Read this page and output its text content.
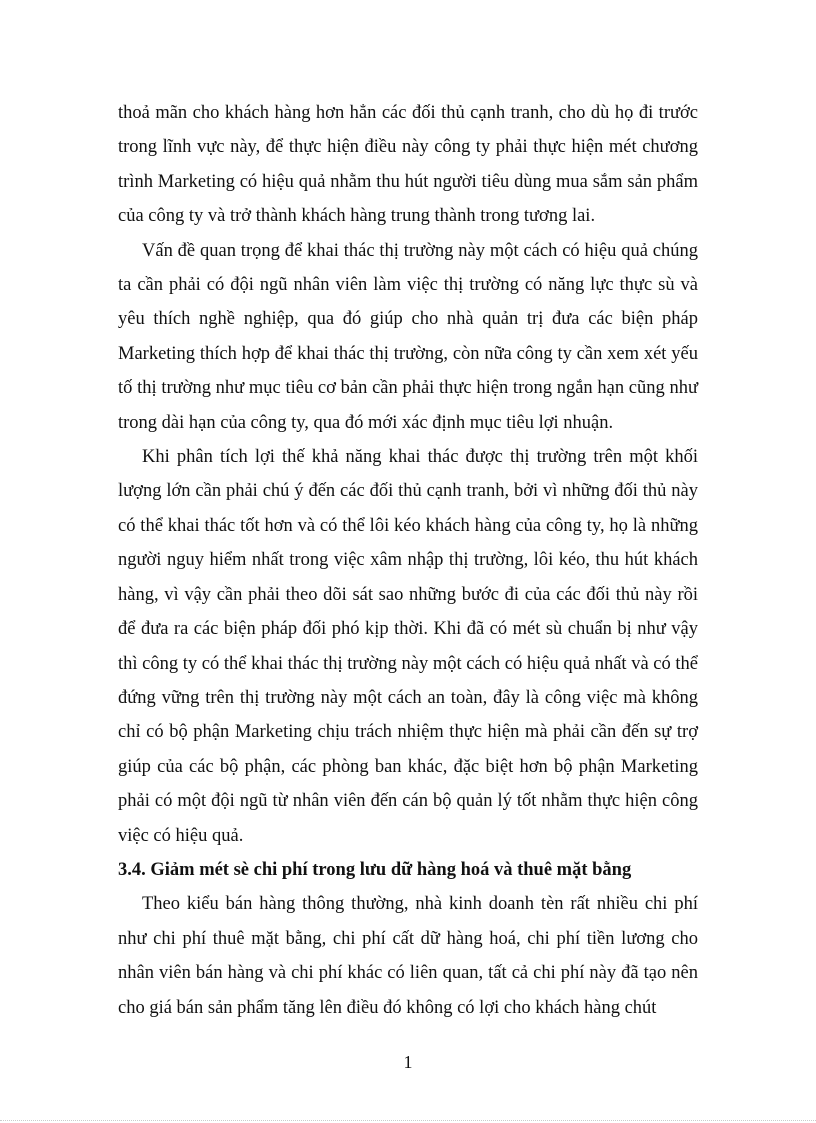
thoả mãn cho khách hàng hơn hẳn các đối thủ cạnh tranh, cho dù họ đi trước trong lĩnh vực này, để thực hiện điều này công ty phải thực hiện mét chương trình Marketing có hiệu quả nhằm thu hút người tiêu dùng mua sắm sản phẩm của công ty và trở thành khách hàng trung thành trong tương lai.

Vấn đề quan trọng để khai thác thị trường này một cách có hiệu quả chúng ta cần phải có đội ngũ nhân viên làm việc thị trường có năng lực thực sù và yêu thích nghề nghiệp, qua đó giúp cho nhà quản trị đưa các biện pháp Marketing thích hợp để khai thác thị trường, còn nữa công ty cần xem xét yếu tố thị trường như mục tiêu cơ bản cần phải thực hiện trong ngắn hạn cũng như trong dài hạn của công ty, qua đó mới xác định mục tiêu lợi nhuận.

Khi phân tích lợi thế khả năng khai thác được thị trường trên một khối lượng lớn cần phải chú ý đến các đối thủ cạnh tranh, bởi vì những đối thủ này có thể khai thác tốt hơn và có thể lôi kéo khách hàng của công ty, họ là những người nguy hiểm nhất trong việc xâm nhập thị trường, lôi kéo, thu hút khách hàng, vì vậy cần phải theo dõi sát sao những bước đi của các đối thủ này rồi để đưa ra các biện pháp đối phó kịp thời. Khi đã có mét sù chuẩn bị như vậy thì công ty có thể khai thác thị trường này một cách có hiệu quả nhất và có thể đứng vững trên thị trường này một cách an toàn, đây là công việc mà không chỉ có bộ phận Marketing chịu trách nhiệm thực hiện mà phải cần đến sự trợ giúp của các bộ phận, các phòng ban khác, đặc biệt hơn bộ phận Marketing phải có một đội ngũ từ nhân viên đến cán bộ quản lý tốt nhằm thực hiện công việc có hiệu quả.

3.4. Giảm mét sè chi phí trong lưu dữ hàng hoá và thuê mặt bằng

Theo kiểu bán hàng thông thường, nhà kinh doanh tèn rất nhiều chi phí như chi phí thuê mặt bằng, chi phí cất dữ hàng hoá, chi phí tiền lương cho nhân viên bán hàng và chi phí khác có liên quan, tất cả chi phí này đã tạo nên cho giá bán sản phẩm tăng lên điều đó không có lợi cho khách hàng chút

1
